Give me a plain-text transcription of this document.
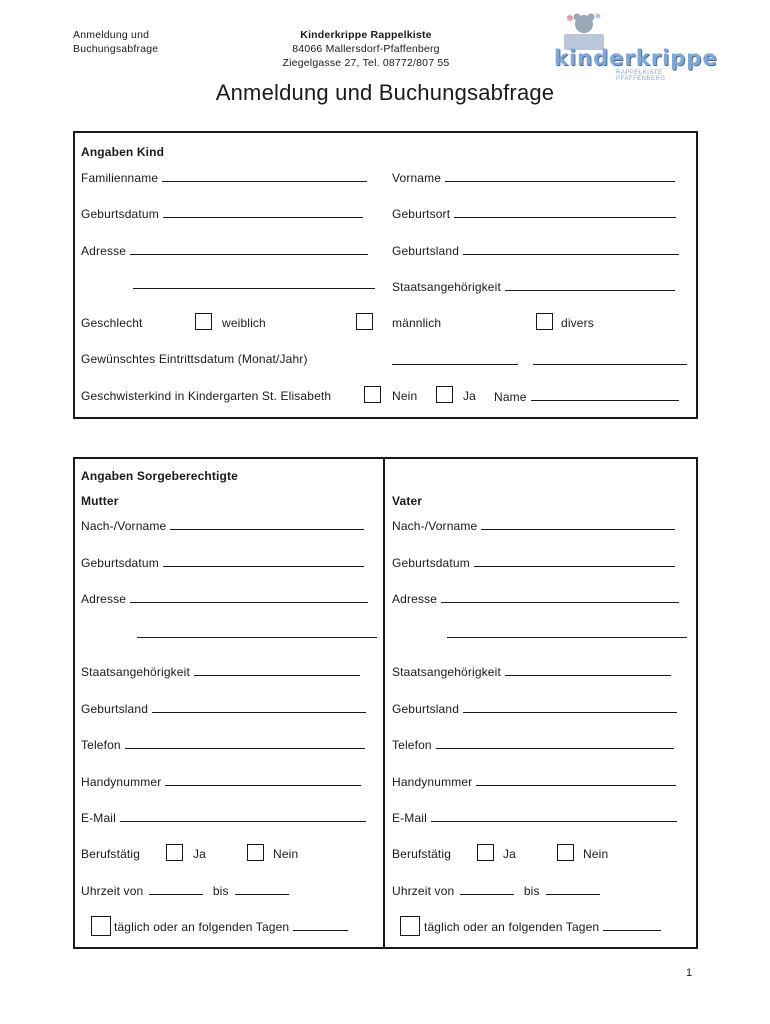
Anmeldung und
Buchungsabfrage
Kinderkrippe Rappelkiste
84066 Mallersdorf-Pfaffenberg
Ziegelgasse 27, Tel. 08772/807 55	kinderkrippe
RAPPELKISTE PFAFFENBERG
Anmeldung und Buchungsabfrage
Angaben Kind
Familienname	Vorname
Geburtsdatum	Geburtsort
Adresse	Geburtsland
Staatsangehörigkeit
Geschlecht	weiblich	männlich	divers
Gewünschtes Eintrittsdatum (Monat/Jahr)
Geschwisterkind in Kindergarten St. Elisabeth	Nein	Ja Name
Angaben Sorgeberechtigte
Mutter
Nach-/Vorname
Geburtsdatum
Adresse
Staatsangehörigkeit
Geburtsland
Telefon
Handynummer
E-Mail
Berufstätig	Ja	Nein
Uhrzeit von	bis
täglich oder an folgenden Tagen
Vater
Nach-/Vorname
Geburtsdatum
Adresse
Staatsangehörigkeit
Geburtsland
Telefon
Handynummer
E-Mail
Berufstätig	Ja	Nein
Uhrzeit von	bis
täglich oder an folgenden Tagen
1
